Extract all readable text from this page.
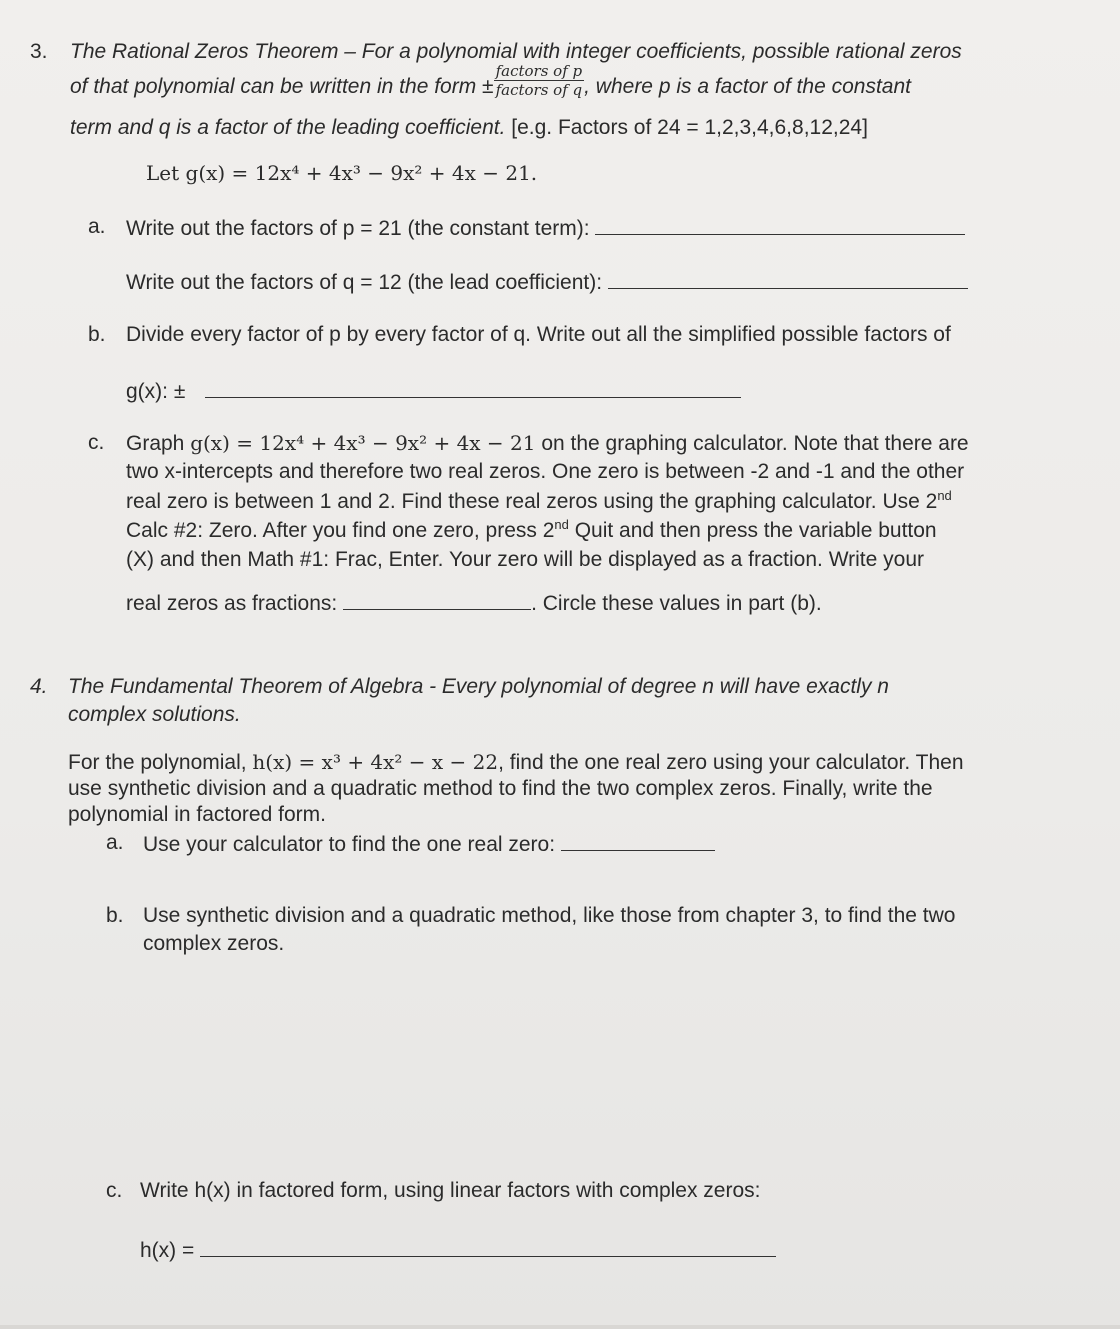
3. The Rational Zeros Theorem – For a polynomial with integer coefficients, possible rational zeros
of that polynomial can be written in the form ± $\frac{\text{factors of p}}{\text{factors of q}}$ , where p is a factor of the constant
term and q is a factor of the leading coefficient. [e.g. Factors of 24 = 1,2,3,4,6,8,12,24]
Let g(x) = 12x⁴ + 4x³ − 9x² + 4x − 21.
a. Write out the factors of p = 21 (the constant term):
Write out the factors of q = 12 (the lead coefficient):
b. Divide every factor of p by every factor of q. Write out all the simplified possible factors of
g(x): ±
c. Graph g(x) = 12x⁴ + 4x³ − 9x² + 4x − 21 on the graphing calculator. Note that there are
two x-intercepts and therefore two real zeros. One zero is between -2 and -1 and the other
real zero is between 1 and 2. Find these real zeros using the graphing calculator. Use 2nd
Calc #2: Zero. After you find one zero, press 2nd Quit and then press the variable button
(X) and then Math #1: Frac, Enter. Your zero will be displayed as a fraction. Write your
real zeros as fractions:	. Circle these values in part (b).
4. The Fundamental Theorem of Algebra - Every polynomial of degree n will have exactly n
complex solutions.
For the polynomial, h(x) = x³ + 4x² − x − 22, find the one real zero using your calculator. Then
use synthetic division and a quadratic method to find the two complex zeros. Finally, write the
polynomial in factored form.
a. Use your calculator to find the one real zero:
b. Use synthetic division and a quadratic method, like those from chapter 3, to find the two
complex zeros.
c. Write h(x) in factored form, using linear factors with complex zeros:
h(x) =
